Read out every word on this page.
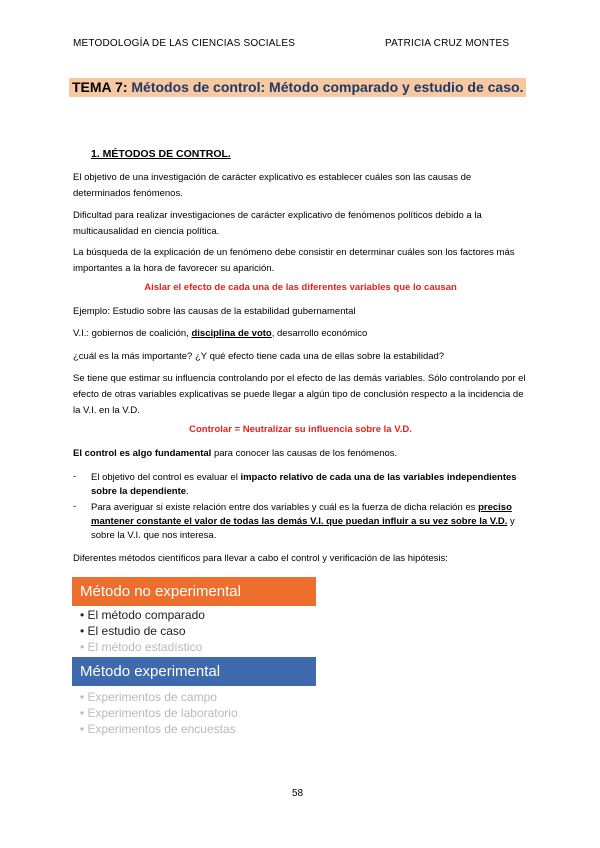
METODOLOGÍA DE LAS CIENCIAS SOCIALES	PATRICIA CRUZ MONTES
TEMA 7: Métodos de control: Método comparado y estudio de caso.
1. MÉTODOS DE CONTROL.
El objetivo de una investigación de carácter explicativo es establecer cuáles son las causas de determinados fenómenos.
Dificultad para realizar investigaciones de carácter explicativo de fenómenos políticos debido a la multicausalidad en ciencia política.
La búsqueda de la explicación de un fenómeno debe consistir en determinar cuáles son los factores más importantes a la hora de favorecer su aparición.
Aislar el efecto de cada una de las diferentes variables que lo causan
Ejemplo: Estudio sobre las causas de la estabilidad gubernamental
V.I.: gobiernos de coalición, disciplina de voto, desarrollo económico
¿cuál es la más importante? ¿Y qué efecto tiene cada una de ellas sobre la estabilidad?
Se tiene que estimar su influencia controlando por el efecto de las demás variables. Sólo controlando por el efecto de otras variables explicativas se puede llegar a algún tipo de conclusión respecto a la incidencia de la V.I. en la V.D.
Controlar = Neutralizar su influencia sobre la V.D.
El control es algo fundamental para conocer las causas de los fenómenos.
- El objetivo del control es evaluar el impacto relativo de cada una de las variables independientes sobre la dependiente.
- Para averiguar si existe relación entre dos variables y cuál es la fuerza de dicha relación es preciso mantener constante el valor de todas las demás V.I. que puedan influir a su vez sobre la V.D. y sobre la V.I. que nos interesa.
Diferentes métodos científicos para llevar a cabo el control y verificación de las hipótesis:
Método no experimental
• El método comparado
• El estudio de caso
• El método estadístico
Método experimental
• Experimentos de campo
• Experimentos de laboratorio
• Experimentos de encuestas
58
